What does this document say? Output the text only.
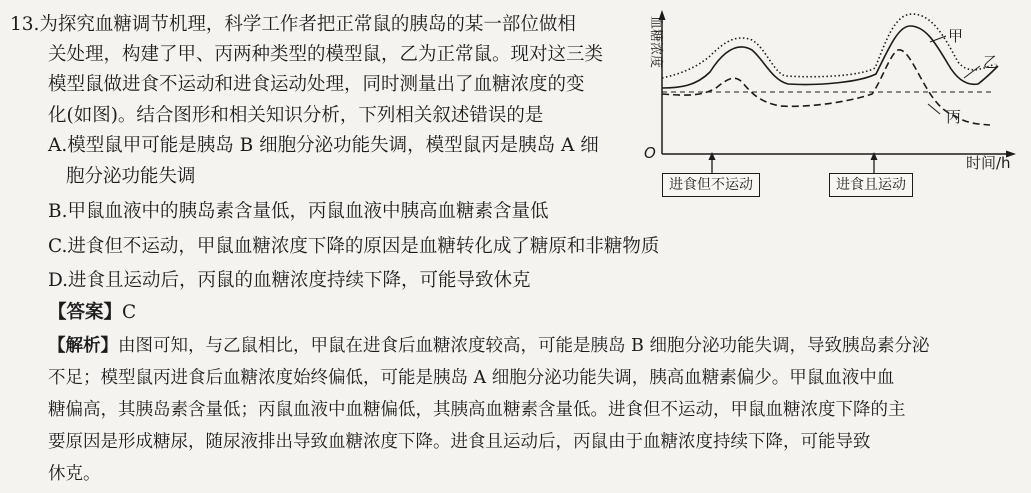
13.为探究血糖调节机理，科学工作者把正常鼠的胰岛的某一部位做相
关处理，构建了甲、丙两种类型的模型鼠，乙为正常鼠。现对这三类
模型鼠做进食不运动和进食运动处理，同时测量出了血糖浓度的变
化(如图)。结合图形和相关知识分析，下列相关叙述错误的是
A.模型鼠甲可能是胰岛 B 细胞分泌功能失调，模型鼠丙是胰岛 A 细
胞分泌功能失调
B.甲鼠血液中的胰岛素含量低，丙鼠血液中胰高血糖素含量低
C.进食但不运动，甲鼠血糖浓度下降的原因是血糖转化成了糖原和非糖物质
D.进食且运动后，丙鼠的血糖浓度持续下降，可能导致休克
【答案】C
【解析】由图可知，与乙鼠相比，甲鼠在进食后血糖浓度较高，可能是胰岛 B 细胞分泌功能失调，导致胰岛素分泌
不足；模型鼠丙进食后血糖浓度始终偏低，可能是胰岛 A 细胞分泌功能失调，胰高血糖素偏少。甲鼠血液中血
糖偏高，其胰岛素含量低；丙鼠血液中血糖偏低，其胰高血糖素含量低。进食但不运动，甲鼠血糖浓度下降的主
要原因是形成糖尿，随尿液排出导致血糖浓度下降。进食且运动后，丙鼠由于血糖浓度持续下降，可能导致
休克。
血糖浓度
O
时间/h
甲
乙
丙
进食但不运动	进食且运动
